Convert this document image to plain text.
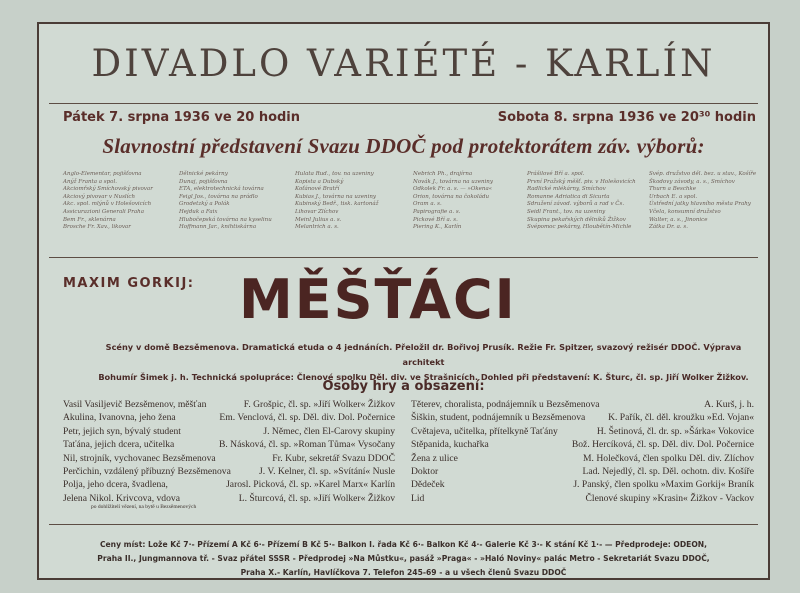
DIVADLO VARIÉTÉ - KARLÍN
Pátek 7. srpna 1936 ve 20 hodin	Sobota 8. srpna 1936 ve 20³⁰ hodin
Slavnostní představení Svazu DDOČ pod protektorátem záv. výborů:
Anglo-Elementar, pojišťovna
Anýž Franta a spol.
Akciomřský Smíchovský pivovar
Akciový pivovar v Nuslích
Akc. spol. mlýnů v Holešovicích
Assicurazioni Generali Praha
Bem Fr., sklenárna
Brosche Fr. Xav., likovar
Dělnické pekárny
Dunaj, pojišťovna
ETA, elektrotechnická továrna
Feigl Jos., továrna na prádlo
Grodetzký a Polák
Hejduk a Faix
Hlubočepská továrna na kyselinu
Hoffmann Jar., knihtiskárna
Hulata Rud., tov. na uzeniny
Kopista a Dubský
Koťánové Bratří
Kubias J., továrna na uzeniny
Kubinský Bedř., tisk. kartonáž
Lihovar Zlíchov
Meinl Julius a. s.
Melantrich a. s.
Nebrich Ph., drajírna
Novák J., továrna na uzeniny
Odkolek Fr. a. s. — »Okena«
Orion, továrna na čokoládu
Oram a. s.
Papirografie a. s.
Pickové Bří a. s.
Piering K., Karlín
Prášilové Bří a. spol.
První Pražský měšť. piv. v Holešovicích
Radlické mlékárny, Smíchov
Romanne Adriatica di Sicurta
Sdružení závod. výborů a rad v Čs.
Seidl Frant., tov. na uzeniny
Skupina pekařských dělníků Žižkov
Svépomoc pekárny, Hloubětín-Michle
Svép. družstvo děl. bez. u stav., Košíře
Škodovy závody, a. s., Smíchov
Thurn a Beschke
Urbach E. a spol.
Ústřední jatky hlavního města Prahy
Včela, konsumní družstvo
Walter, a. s., Jinonice
Zátka Dr. a. s.
MAXIM GORKIJ: MĚŠŤÁCI
Scény v domě Bezsěmenova. Dramatická etuda o 4 jednáních. Přeložil dr. Bořivoj Prusík. Režie Fr. Spitzer, svazový režisér DDOČ. Výprava architekt
Bohumír Šimek j. h. Technická spolupráce: Členové spolku Děl. div. ve Strašnicích. Dohled při představení: K. Šturc, čl. sp. Jiří Wolker Žižkov.
Osoby hry a obsazení:
Vasil Vasiljevič Bezsěmenov, měšťan	F. Grošpic, čl. sp. »Jiří Wolker« Žižkov
Akulina, Ivanovna, jeho žena	Em. Venclová, čl. sp. Děl. div. Dol. Počernice
Petr, jejich syn, bývalý student	J. Němec, člen El-Carovy skupiny
Taťána, jejich dcera, učitelka	B. Násková, čl. sp. »Roman Tůma« Vysočany
Nil, strojník, vychovanec Bezsěmenova	Fr. Kubr, sekretář Svazu DDOČ
Perčichin, vzdálený příbuzný Bezsěmenova	J. V. Kelner, čl. sp. »Svítání« Nusle
Polja, jeho dcera, švadlena,	Jarosl. Picková, čl. sp. »Karel Marx« Karlín
Jelena Nikol. Krivcova, vdova	L. Šturcová, čl. sp. »Jiří Wolker« Žižkov
po dohlížitelí vězení, na bytě u Bezsěmenových
Těterev, choralista, podnájemník u Bezsěmenova	A. Kurš, j. h.
Šiškin, student, podnájemník u Bezsěmenova K. Pařík, čl. děl. kroužku »Ed. Vojan«
Cvětajeva, učitelka, přítelkyně Taťány	H. Šetinová, čl. dr. sp. »Šárka« Vokovice
Stěpanida, kuchařka	Bož. Hercíková, čl. sp. Děl. div. Dol. Počernice
Žena z ulice	M. Holečková, člen spolku Děl. div. Zlíchov
Doktor	Lad. Nejedlý, čl. sp. Děl. ochotn. div. Košíře
Dědeček	J. Panský, člen spolku »Maxim Gorkij« Braník
Lid	Členové skupiny »Krasin« Žižkov - Vackov
Ceny míst: Lože Kč 7·- Přízemí A Kč 6·- Přízemí B Kč 5·- Balkon I. řada Kč 6·- Balkon Kč 4·- Galerie Kč 3·- K stání Kč 1·- — Předprodeje: ODEON,
Praha II., Jungmannova tř. - Svaz přátel SSSR - Předprodej »Na Můstku«, pasáž »Praga« - »Haló Noviny« palác Metro - Sekretariát Svazu DDOČ,
Praha X.- Karlín, Havlíčkova 7. Telefon 245-69 - a u všech členů Svazu DDOČ
